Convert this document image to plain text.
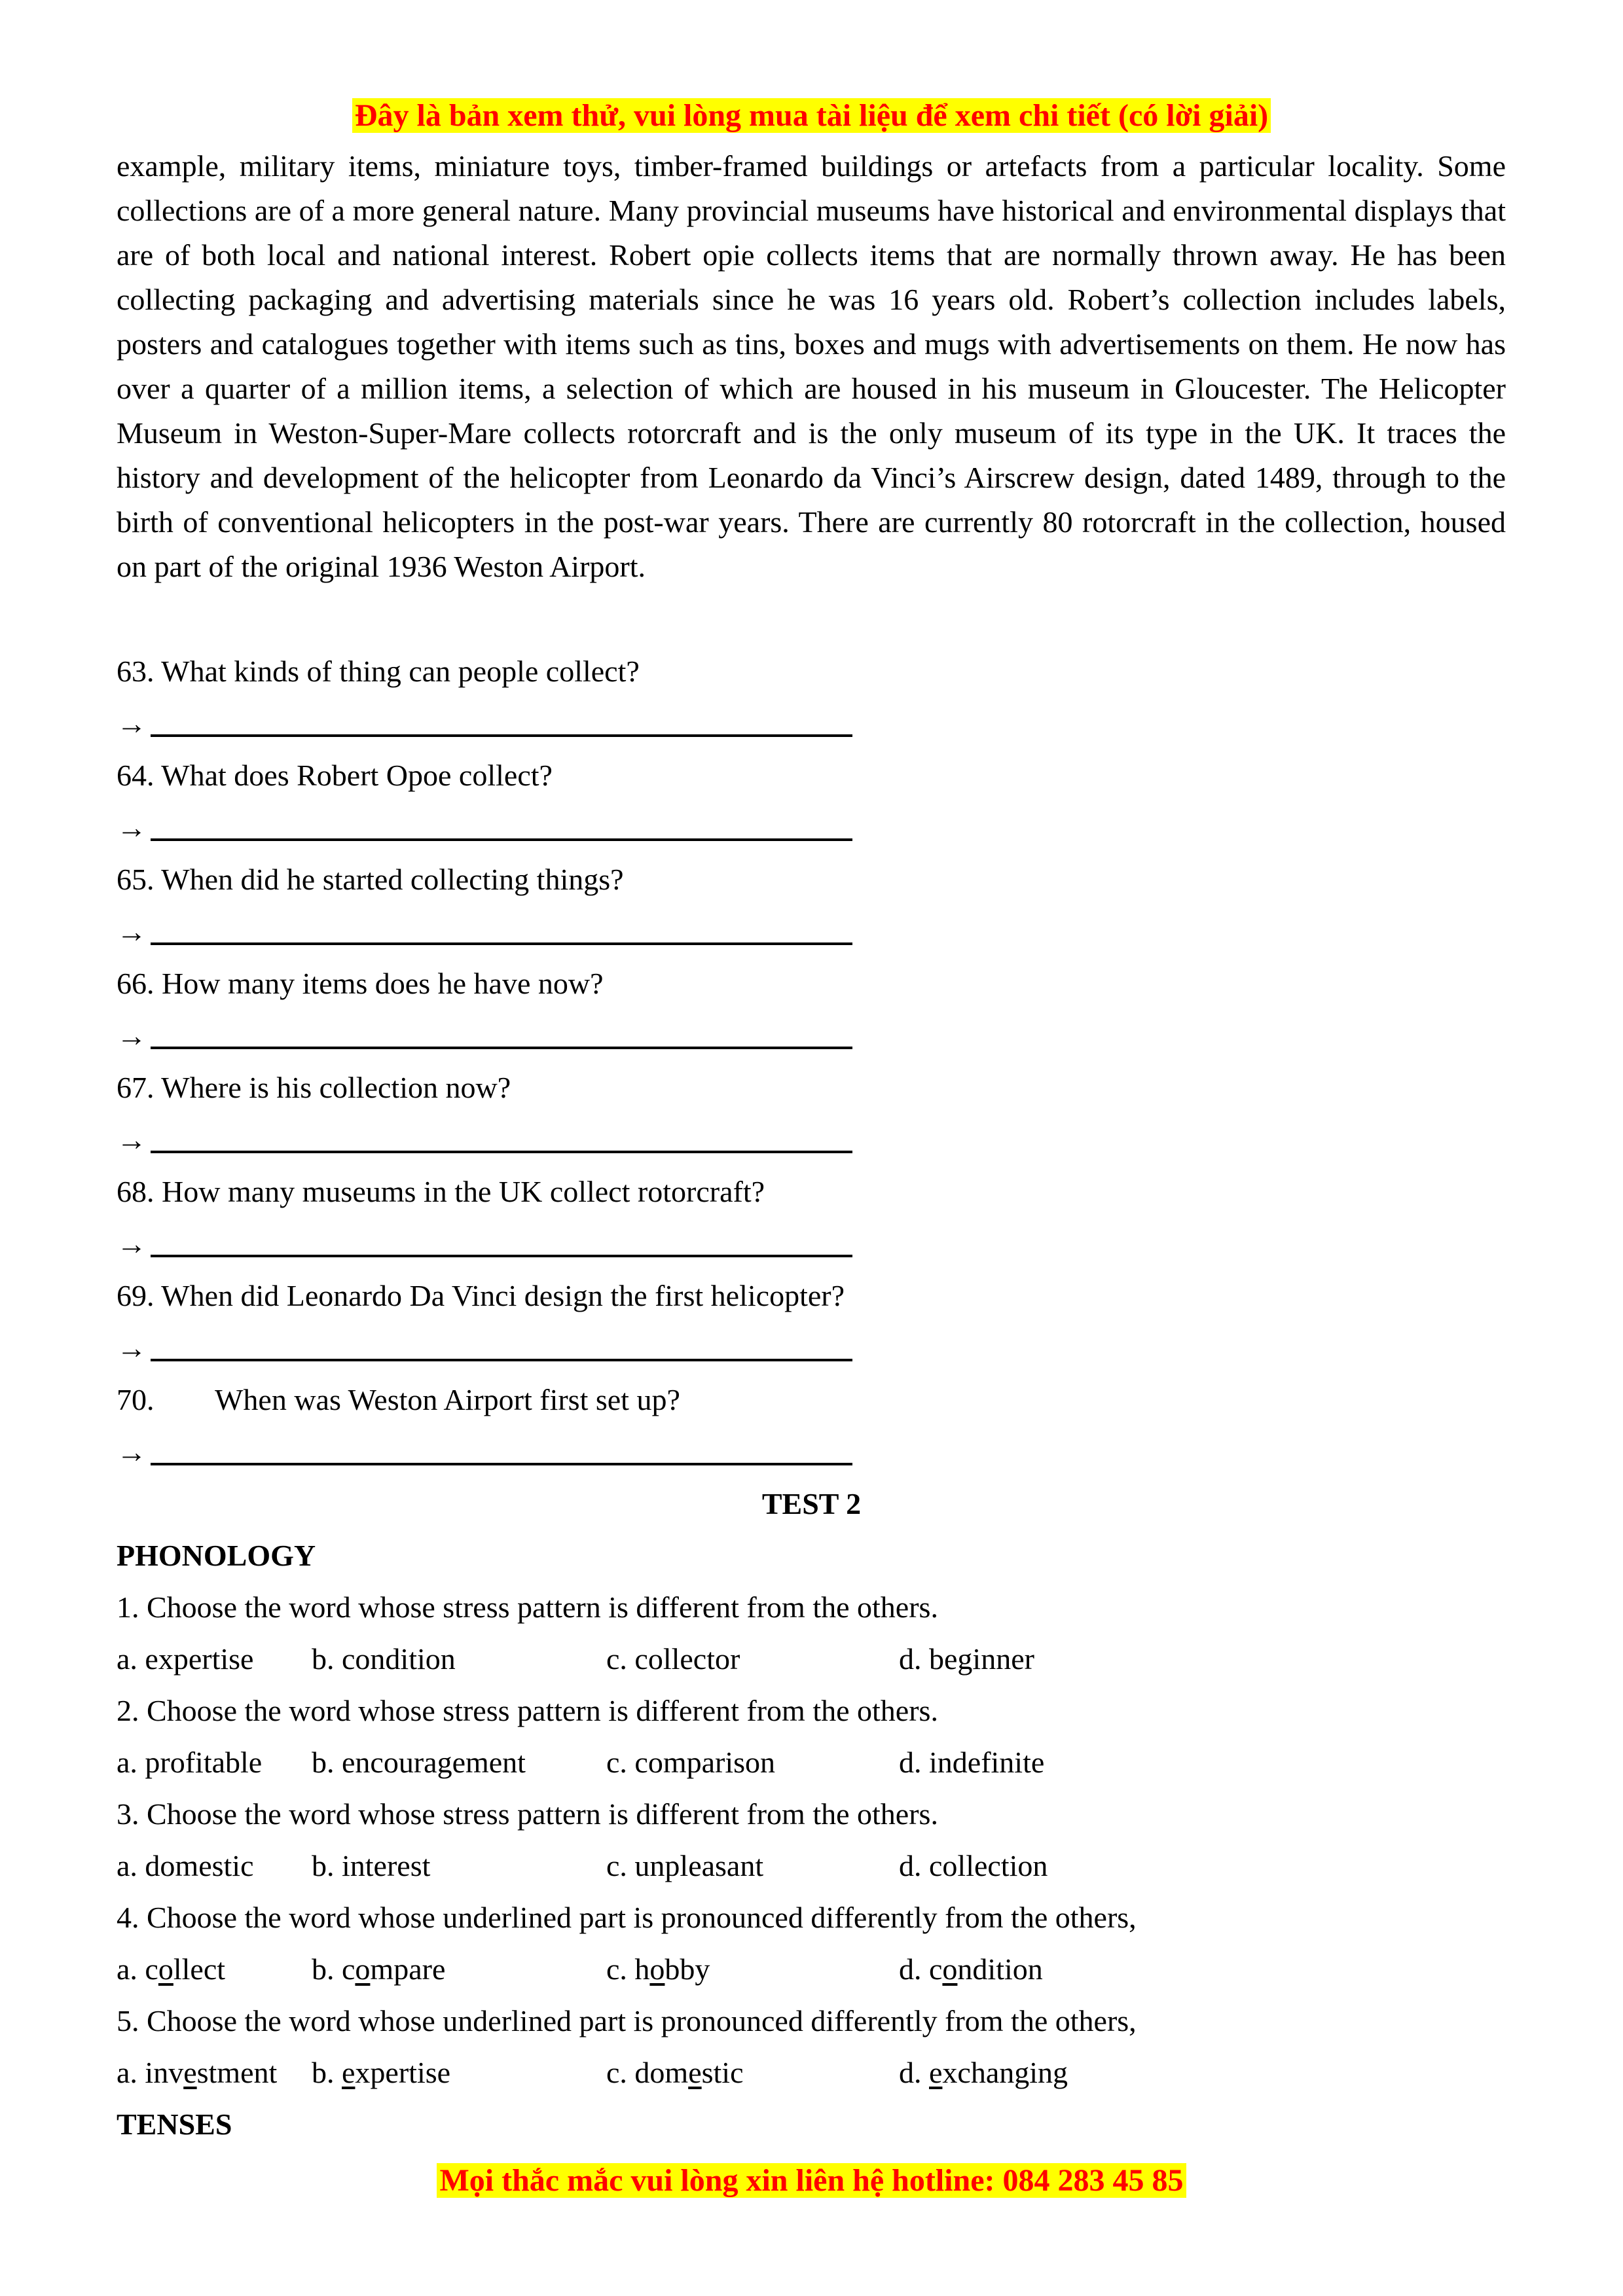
Đây là bản xem thử, vui lòng mua tài liệu để xem chi tiết (có lời giải)

example, military items, miniature toys, timber-framed buildings or artefacts from a particular locality. Some collections are of a more general nature. Many provincial museums have historical and environmental displays that are of both local and national interest. Robert opie collects items that are normally thrown away. He has been collecting packaging and advertising materials since he was 16 years old. Robert’s collection includes labels, posters and catalogues together with items such as tins, boxes and mugs with advertisements on them. He now has over a quarter of a million items, a selection of which are housed in his museum in Gloucester. The Helicopter Museum in Weston-Super-Mare collects rotorcraft and is the only museum of its type in the UK. It traces the history and development of the helicopter from Leonardo da Vinci’s Airscrew design, dated 1489, through to the birth of conventional helicopters in the post-war years. There are currently 80 rotorcraft in the collection, housed on part of the original 1936 Weston Airport.

63. What kinds of thing can people collect?
→
64. What does Robert Opoe collect?
→
65. When did he started collecting things?
→
66. How many items does he have now?
→
67. Where is his collection now?
→
68. How many museums in the UK collect rotorcraft?
→
69. When did Leonardo Da Vinci design the first helicopter?
→
70. When was Weston Airport first set up?
→
TEST 2
PHONOLOGY
1. Choose the word whose stress pattern is different from the others.
a. expertise b. condition	c. collector	d. beginner
2. Choose the word whose stress pattern is different from the others.
a. profitable b. encouragement	c. comparison	d. indefinite
3. Choose the word whose stress pattern is different from the others.
a. domestic b. interest	c. unpleasant	d. collection
4. Choose the word whose underlined part is pronounced differently from the others,
a. collect	b. compare	c. hobby	d. condition
5. Choose the word whose underlined part is pronounced differently from the others,
a. investment b. expertise	c. domestic	d. exchanging
TENSES
Mọi thắc mắc vui lòng xin liên hệ hotline: 084 283 45 85
